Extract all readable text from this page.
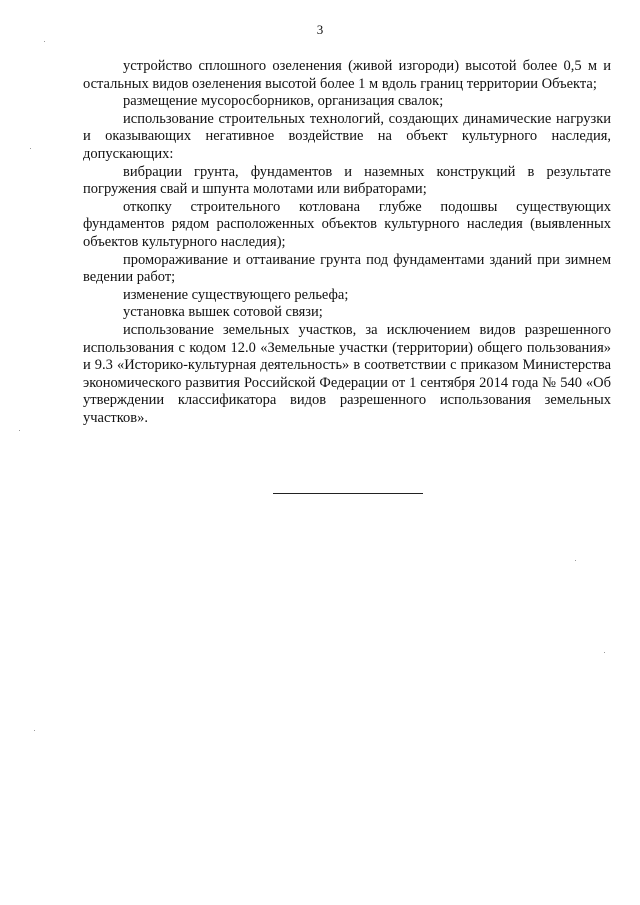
3

устройство сплошного озеленения (живой изгороди) высотой более 0,5 м и остальных видов озеленения высотой более 1 м вдоль границ территории Объекта;

размещение мусоросборников, организация свалок;

использование строительных технологий, создающих динамические нагрузки и оказывающих негативное воздействие на объект культурного наследия, допускающих:

вибрации грунта, фундаментов и наземных конструкций в результате погружения свай и шпунта молотами или вибраторами;

откопку строительного котлована глубже подошвы существующих фундаментов рядом расположенных объектов культурного наследия (выявленных объектов культурного наследия);

промораживание и оттаивание грунта под фундаментами зданий при зимнем ведении работ;

изменение существующего рельефа;

установка вышек сотовой связи;

использование земельных участков, за исключением видов разрешенного использования с кодом 12.0 «Земельные участки (территории) общего пользования» и 9.3 «Историко-культурная деятельность» в соответствии с приказом Министерства экономического развития Российской Федерации от 1 сентября 2014 года № 540 «Об утверждении классификатора видов разрешенного использования земельных участков».
